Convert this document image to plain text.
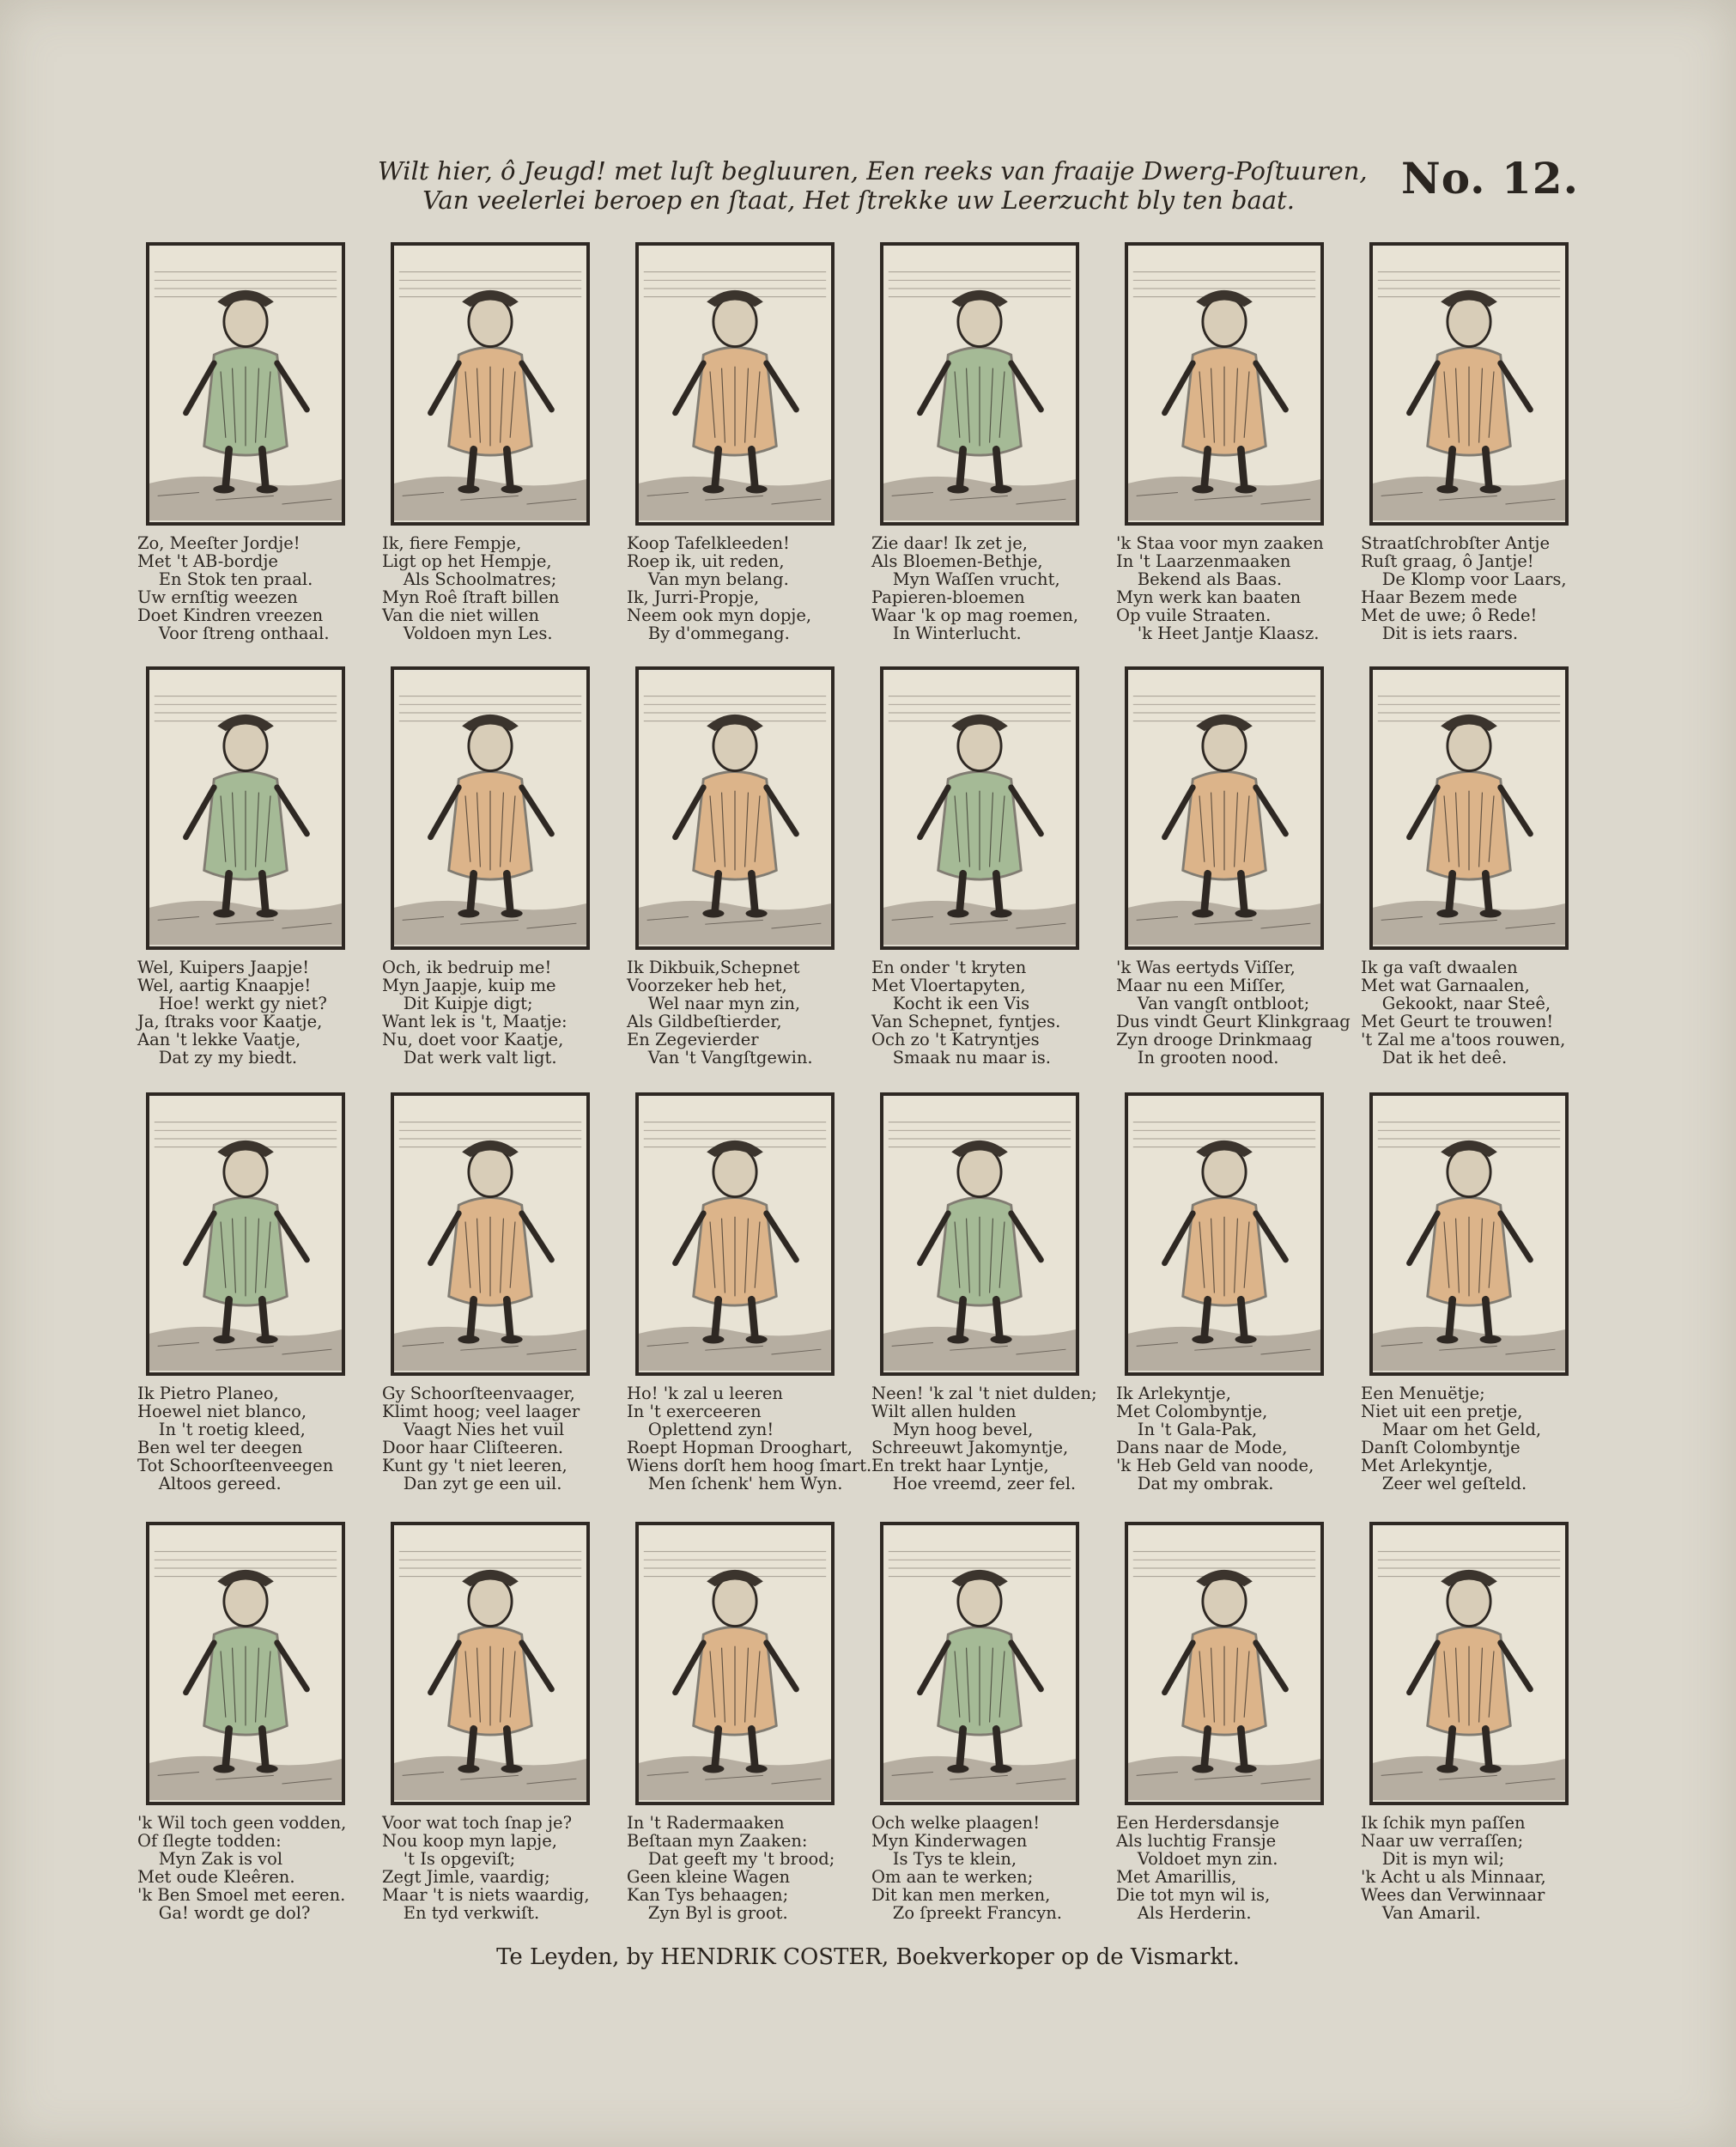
Wilt hier, ô Jeugd! met luſt begluuren, Een reeks van fraaije Dwerg-Poſtuuren,
Van veelerlei beroep en ſtaat, Het ſtrekke uw Leerzucht bly ten baat.	No. 12.
Zo, Meeſter Jordje!
Met 't AB-bordje
En Stok ten praal.
Uw ernſtig weezen
Doet Kindren vreezen
Voor ſtreng onthaal.
Ik, fiere Fempje,
Ligt op het Hempje,
Als Schoolmatres;
Myn Roê ſtraft billen
Van die niet willen
Voldoen myn Les.
Koop Tafelkleeden!
Roep ik, uit reden,
Van myn belang.
Ik, Jurri-Propje,
Neem ook myn dopje,
By d'ommegang.
Zie daar! Ik zet je,
Als Bloemen-Bethje,
Myn Waſſen vrucht,
Papieren-bloemen
Waar 'k op mag roemen,
In Winterlucht.
'k Staa voor myn zaaken
In 't Laarzenmaaken
Bekend als Baas.
Myn werk kan baaten
Op vuile Straaten.
'k Heet Jantje Klaasz.
Straatſchrobſter Antje
Ruſt graag, ô Jantje!
De Klomp voor Laars,
Haar Bezem mede
Met de uwe; ô Rede!
Dit is iets raars.
Wel, Kuipers Jaapje!
Wel, aartig Knaapje!
Hoe! werkt gy niet?
Ja, ſtraks voor Kaatje,
Aan 't lekke Vaatje,
Dat zy my biedt.
Och, ik bedruip me!
Myn Jaapje, kuip me
Dit Kuipje digt;
Want lek is 't, Maatje:
Nu, doet voor Kaatje,
Dat werk valt ligt.
Ik Dikbuik,Schepnet
Voorzeker heb het,
Wel naar myn zin,
Als Gildbeſtierder,
En Zegevierder
Van 't Vangſtgewin.
En onder 't kryten
Met Vloertapyten,
Kocht ik een Vis
Van Schepnet, fyntjes.
Och zo 't Katryntjes
Smaak nu maar is.
'k Was eertyds Viſſer,
Maar nu een Miſſer,
Van vangſt ontbloot;
Dus vindt Geurt Klinkgraag
Zyn drooge Drinkmaag
In grooten nood.
Ik ga vaſt dwaalen
Met wat Garnaalen,
Gekookt, naar Steê,
Met Geurt te trouwen!
't Zal me a'toos rouwen,
Dat ik het deê.
Ik Pietro Planeo,
Hoewel niet blanco,
In 't roetig kleed,
Ben wel ter deegen
Tot Schoorſteenveegen
Altoos gereed.
Gy Schoorſteenvaager,
Klimt hoog; veel laager
Vaagt Nies het vuil
Door haar Cliſteeren.
Kunt gy 't niet leeren,
Dan zyt ge een uil.
Ho! 'k zal u leeren
In 't exerceeren
Oplettend zyn!
Roept Hopman Drooghart,
Wiens dorſt hem hoog ſmart.
Men ſchenk' hem Wyn.
Neen! 'k zal 't niet dulden;
Wilt allen hulden
Myn hoog bevel,
Schreeuwt Jakomyntje,
En trekt haar Lyntje,
Hoe vreemd, zeer fel.
Ik Arlekyntje,
Met Colombyntje,
In 't Gala-Pak,
Dans naar de Mode,
'k Heb Geld van noode,
Dat my ombrak.
Een Menuëtje;
Niet uit een pretje,
Maar om het Geld,
Danſt Colombyntje
Met Arlekyntje,
Zeer wel geſteld.
'k Wil toch geen vodden,
Of ſlegte todden:
Myn Zak is vol
Met oude Kleêren.
'k Ben Smoel met eeren.
Ga! wordt ge dol?
Voor wat toch ſnap je?
Nou koop myn lapje,
't Is opgeviſt;
Zegt Jimle, vaardig;
Maar 't is niets waardig,
En tyd verkwiſt.
In 't Radermaaken
Beſtaan myn Zaaken:
Dat geeft my 't brood;
Geen kleine Wagen
Kan Tys behaagen;
Zyn Byl is groot.
Och welke plaagen!
Myn Kinderwagen
Is Tys te klein,
Om aan te werken;
Dit kan men merken,
Zo ſpreekt Francyn.
Een Herdersdansje
Als luchtig Fransje
Voldoet myn zin.
Met Amarillis,
Die tot myn wil is,
Als Herderin.
Ik ſchik myn paſſen
Naar uw verraſſen;
Dit is myn wil;
'k Acht u als Minnaar,
Wees dan Verwinnaar
Van Amaril.
Te Leyden, by HENDRIK COSTER, Boekverkoper op de Vismarkt.
